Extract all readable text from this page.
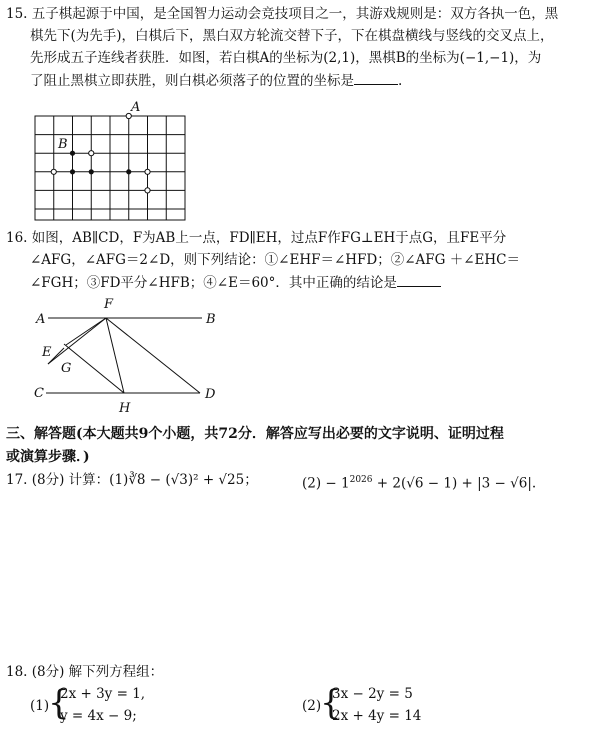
15. 五子棋起源于中国，是全国智力运动会竞技项目之一，其游戏规则是：双方各执一色，黑
棋先下(为先手)，白棋后下，黑白双方轮流交替下子，下在棋盘横线与竖线的交叉点上，
先形成五子连线者获胜．如图，若白棋A的坐标为(2,1)，黑棋B的坐标为(−1,−1)，为
了阻止黑棋立即获胜，则白棋必须落子的位置的坐标是	.
A
B
16. 如图，AB∥CD，F为AB上一点，FD∥EH，过点F作FG⊥EH于点G，且FE平分
∠AFG，∠AFG＝2∠D，则下列结论：①∠EHF＝∠HFD；②∠AFG ＋∠EHC＝
∠FGH；③FD平分∠HFB；④∠E＝60°．其中正确的结论是
A	B
C	D
E
F
G
H
三、解答题(本大题共9个小题，共72分．解答应写出必要的文字说明、证明过程
或演算步骤．)
17. (8分) 计算：(1)∛8 − (√3)² + √25；	$(2) - 1^{2026} + 2(√6 - 1) + |3 - √6|$.
18. (8分) 解下列方程组：
(1)
{
2x + 3y = 1,
y = 4x − 9;
(2)
{
3x − 2y = 5
2x + 4y = 14
